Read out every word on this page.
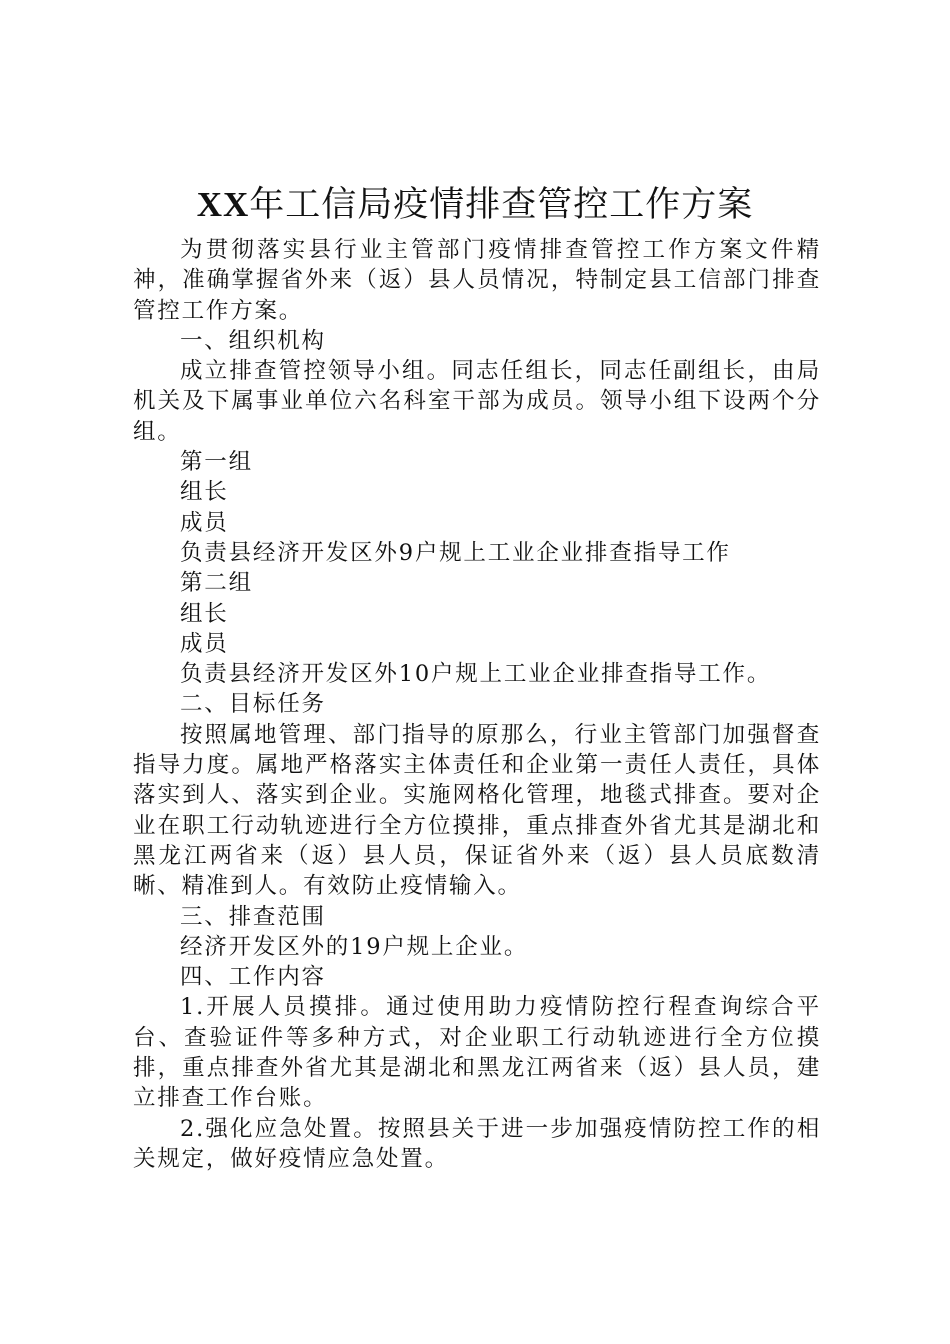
XX年工信局疫情排查管控工作方案

为贯彻落实县行业主管部门疫情排查管控工作方案文件精神，准确掌握省外来（返）县人员情况，特制定县工信部门排查管控工作方案。

一、组织机构

成立排查管控领导小组。同志任组长，同志任副组长，由局机关及下属事业单位六名科室干部为成员。领导小组下设两个分组。

第一组

组长

成员

负责县经济开发区外9户规上工业企业排查指导工作

第二组

组长

成员

负责县经济开发区外10户规上工业企业排查指导工作。

二、目标任务

按照属地管理、部门指导的原那么，行业主管部门加强督查指导力度。属地严格落实主体责任和企业第一责任人责任，具体落实到人、落实到企业。实施网格化管理，地毯式排查。要对企业在职工行动轨迹进行全方位摸排，重点排查外省尤其是湖北和黑龙江两省来（返）县人员，保证省外来（返）县人员底数清晰、精准到人。有效防止疫情输入。

三、排查范围

经济开发区外的19户规上企业。

四、工作内容

1.开展人员摸排。通过使用助力疫情防控行程查询综合平台、查验证件等多种方式，对企业职工行动轨迹进行全方位摸排，重点排查外省尤其是湖北和黑龙江两省来（返）县人员，建立排查工作台账。

2.强化应急处置。按照县关于进一步加强疫情防控工作的相关规定，做好疫情应急处置。
